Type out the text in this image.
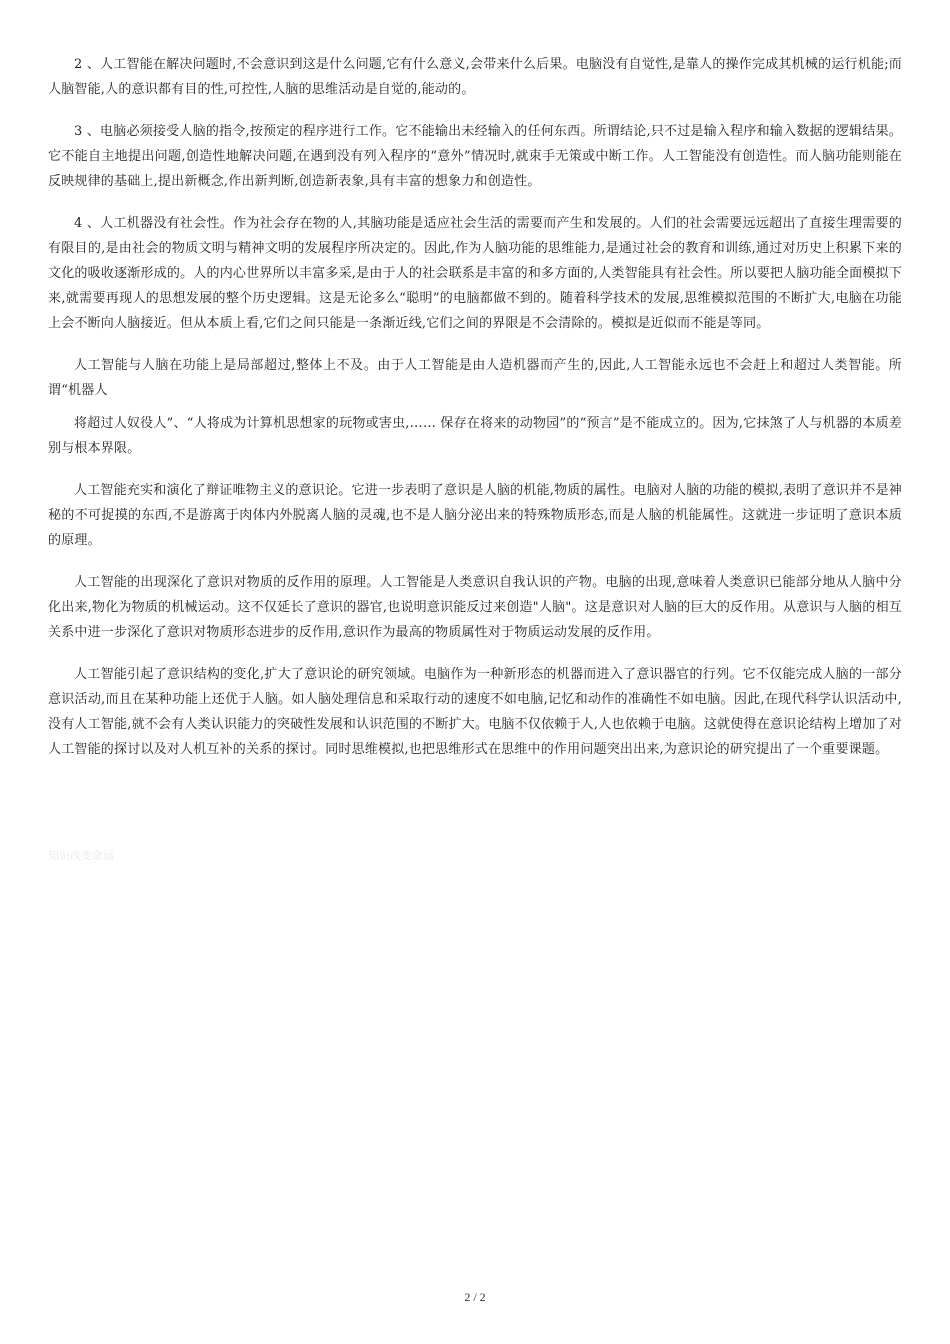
2 、人工智能在解决问题时,不会意识到这是什么问题,它有什么意义,会带来什么后果。电脑没有自觉性,是靠人的操作完成其机械的运行机能;而人脑智能,人的意识都有目的性,可控性,人脑的思维活动是自觉的,能动的。

3 、电脑必须接受人脑的指令,按预定的程序进行工作。它不能输出未经输入的任何东西。所谓结论,只不过是输入程序和输入数据的逻辑结果。它不能自主地提出问题,创造性地解决问题,在遇到没有列入程序的“意外”情况时,就束手无策或中断工作。人工智能没有创造性。而人脑功能则能在反映规律的基础上,提出新概念,作出新判断,创造新表象,具有丰富的想象力和创造性。

4 、人工机器没有社会性。作为社会存在物的人,其脑功能是适应社会生活的需要而产生和发展的。人们的社会需要远远超出了直接生理需要的有限目的,是由社会的物质文明与精神文明的发展程序所决定的。因此,作为人脑功能的思维能力,是通过社会的教育和训练,通过对历史上积累下来的文化的吸收逐渐形成的。人的内心世界所以丰富多采,是由于人的社会联系是丰富的和多方面的,人类智能具有社会性。所以要把人脑功能全面模拟下来,就需要再现人的思想发展的整个历史逻辑。这是无论多么“聪明”的电脑都做不到的。随着科学技术的发展,思维模拟范围的不断扩大,电脑在功能上会不断向人脑接近。但从本质上看,它们之间只能是一条渐近线,它们之间的界限是不会清除的。模拟是近似而不能是等同。

人工智能与人脑在功能上是局部超过,整体上不及。由于人工智能是由人造机器而产生的,因此,人工智能永远也不会赶上和超过人类智能。所谓“机器人

将超过人奴役人”、“人将成为计算机思想家的玩物或害虫,…… 保存在将来的动物园”的“预言”是不能成立的。因为,它抹煞了人与机器的本质差别与根本界限。

人工智能充实和演化了辩证唯物主义的意识论。它进一步表明了意识是人脑的机能,物质的属性。电脑对人脑的功能的模拟,表明了意识并不是神秘的不可捉摸的东西,不是游离于肉体内外脱离人脑的灵魂,也不是人脑分泌出来的特殊物质形态,而是人脑的机能属性。这就进一步证明了意识本质的原理。

人工智能的出现深化了意识对物质的反作用的原理。人工智能是人类意识自我认识的产物。电脑的出现,意味着人类意识已能部分地从人脑中分化出来,物化为物质的机械运动。这不仅延长了意识的器官,也说明意识能反过来创造"人脑"。这是意识对人脑的巨大的反作用。从意识与人脑的相互关系中进一步深化了意识对物质形态进步的反作用,意识作为最高的物质属性对于物质运动发展的反作用。

人工智能引起了意识结构的变化,扩大了意识论的研究领域。电脑作为一种新形态的机器而进入了意识器官的行列。它不仅能完成人脑的一部分意识活动,而且在某种功能上还优于人脑。如人脑处理信息和采取行动的速度不如电脑,记忆和动作的准确性不如电脑。因此,在现代科学认识活动中,没有人工智能,就不会有人类认识能力的突破性发展和认识范围的不断扩大。电脑不仅依赖于人,人也依赖于电脑。这就使得在意识论结构上增加了对人工智能的探讨以及对人机互补的关系的探讨。同时思维模拟,也把思维形式在思维中的作用问题突出出来,为意识论的研究提出了一个重要课题。

知识改变命运
2 / 2
